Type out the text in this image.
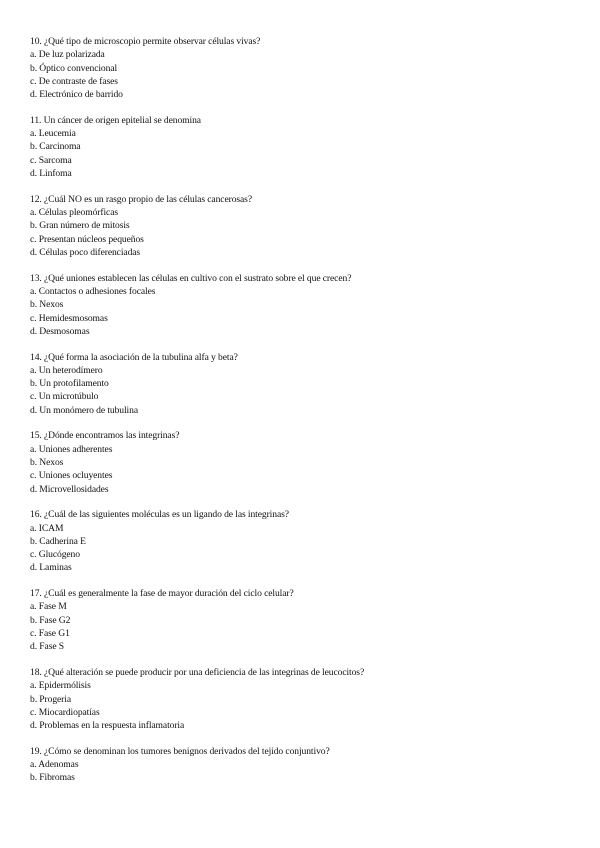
10. ¿Qué tipo de microscopio permite observar células vivas?
a. De luz polarizada
b. Óptico convencional
c. De contraste de fases
d. Electrónico de barrido
11. Un cáncer de origen epitelial se denomina
a. Leucemia
b. Carcinoma
c. Sarcoma
d. Linfoma
12. ¿Cuál NO es un rasgo propio de las células cancerosas?
a. Células pleomórficas
b. Gran número de mitosis
c. Presentan núcleos pequeños
d. Células poco diferenciadas
13. ¿Qué uniones establecen las células en cultivo con el sustrato sobre el que crecen?
a. Contactos o adhesiones focales
b. Nexos
c. Hemidesmosomas
d. Desmosomas
14. ¿Qué forma la asociación de la tubulina alfa y beta?
a. Un heterodímero
b. Un protofilamento
c. Un microtúbulo
d. Un monómero de tubulina
15. ¿Dónde encontramos las integrinas?
a. Uniones adherentes
b. Nexos
c. Uniones ocluyentes
d. Microvellosidades
16. ¿Cuál de las siguientes moléculas es un ligando de las integrinas?
a. ICAM
b. Cadherina E
c. Glucógeno
d. Laminas
17. ¿Cuál es generalmente la fase de mayor duración del ciclo celular?
a. Fase M
b. Fase G2
c. Fase G1
d. Fase S
18. ¿Qué alteración se puede producir por una deficiencia de las integrinas de leucocitos?
a. Epidermólisis
b. Progeria
c. Miocardiopatías
d. Problemas en la respuesta inflamatoria
19. ¿Cómo se denominan los tumores benignos derivados del tejido conjuntivo?
a. Adenomas
b. Fibromas
